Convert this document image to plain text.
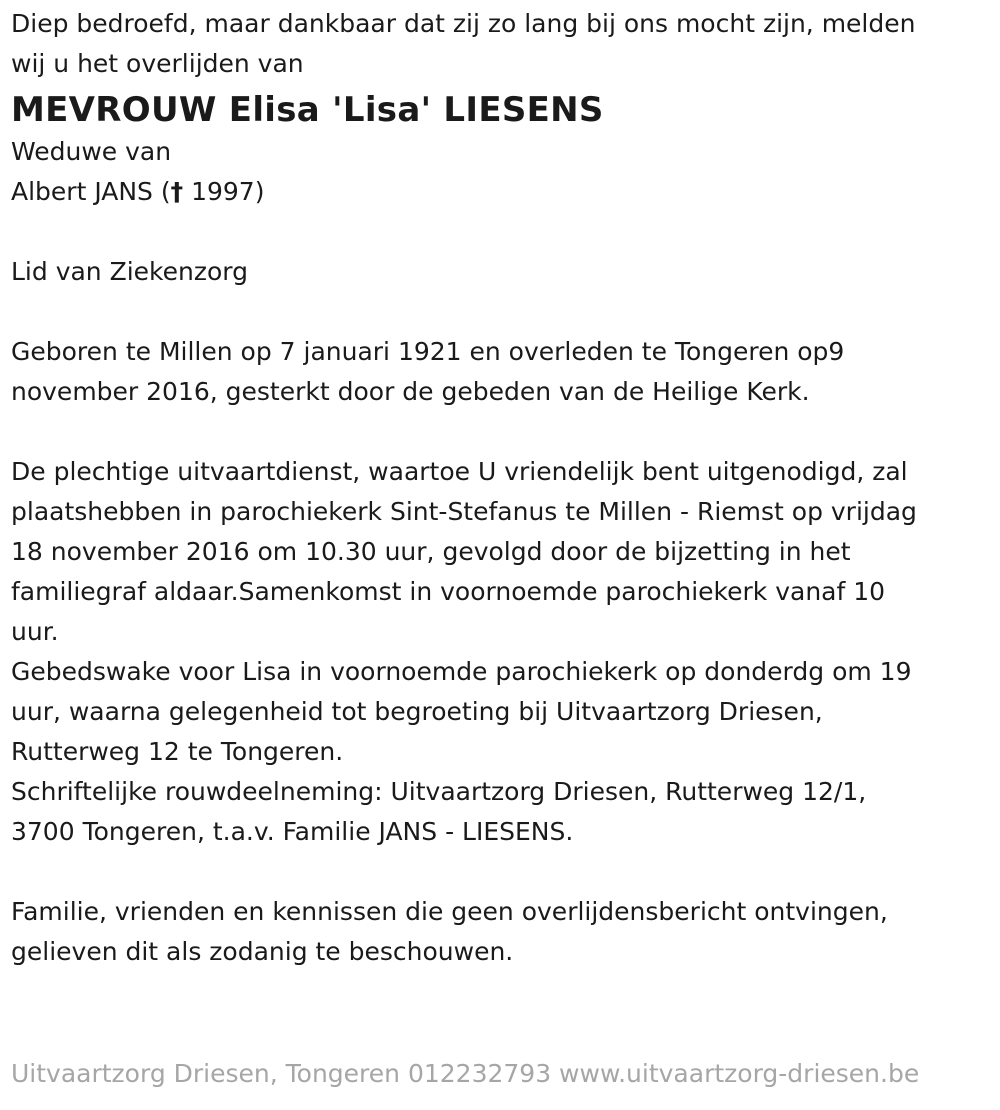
Diep bedroefd, maar dankbaar dat zij zo lang bij ons mocht zijn, melden

wij u het overlijden van

MEVROUW Elisa 'Lisa' LIESENS

Weduwe van

Albert JANS († 1997)

Lid van Ziekenzorg

Geboren te Millen op 7 januari 1921 en overleden te Tongeren op9

november 2016, gesterkt door de gebeden van de Heilige Kerk.

De plechtige uitvaartdienst, waartoe U vriendelijk bent uitgenodigd, zal

plaatshebben in parochiekerk Sint-Stefanus te Millen - Riemst op vrijdag

18 november 2016 om 10.30 uur, gevolgd door de bijzetting in het

familiegraf aldaar.Samenkomst in voornoemde parochiekerk vanaf 10

uur.

Gebedswake voor Lisa in voornoemde parochiekerk op donderdg om 19

uur, waarna gelegenheid tot begroeting bij Uitvaartzorg Driesen,

Rutterweg 12 te Tongeren.

Schriftelijke rouwdeelneming: Uitvaartzorg Driesen, Rutterweg 12/1,

3700 Tongeren, t.a.v. Familie JANS - LIESENS.

Familie, vrienden en kennissen die geen overlijdensbericht ontvingen,

gelieven dit als zodanig te beschouwen.

Uitvaartzorg Driesen, Tongeren 012232793 www.uitvaartzorg-driesen.be
